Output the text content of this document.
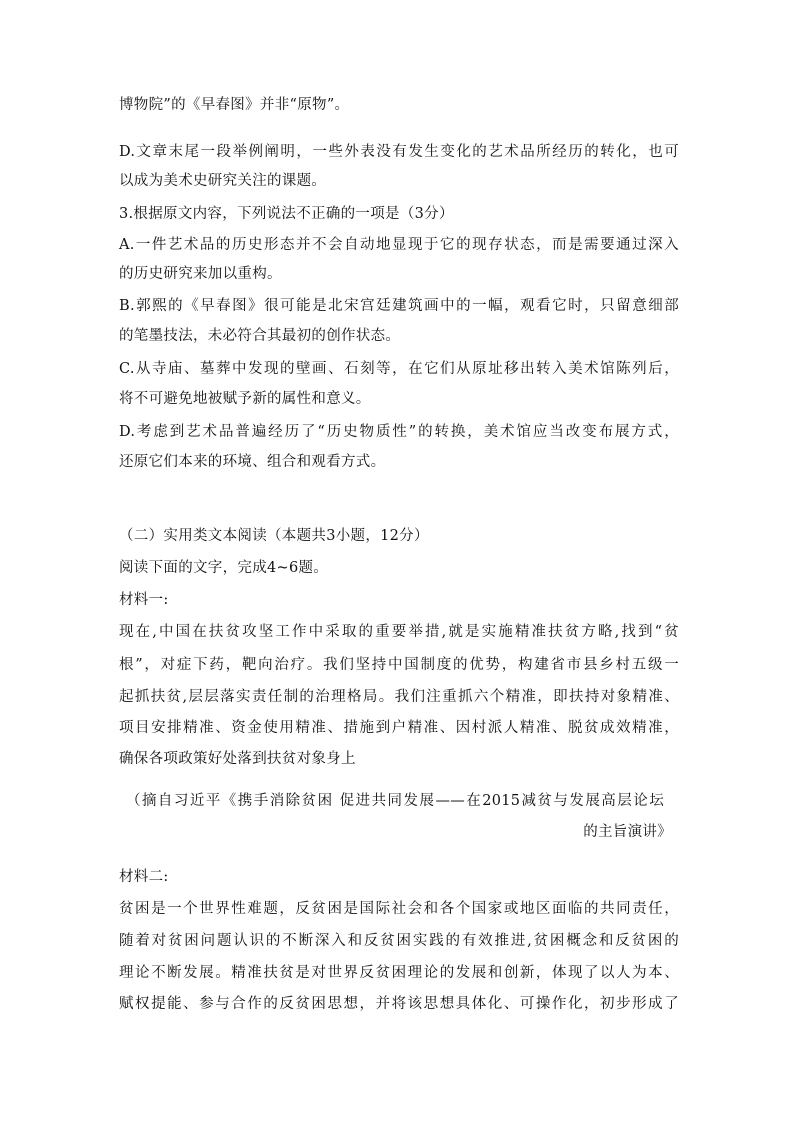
博物院”的《早春图》并非“原物”。
D.文章末尾一段举例阐明，一些外表没有发生变化的艺术品所经历的转化，也可
以成为美术史研究关注的课题。
3.根据原文内容，下列说法不正确的一项是（3分）
A.一件艺术品的历史形态并不会自动地显现于它的现存状态，而是需要通过深入
的历史研究来加以重构。
B.郭熙的《早春图》很可能是北宋宫廷建筑画中的一幅，观看它时，只留意细部
的笔墨技法，未必符合其最初的创作状态。
C.从寺庙、墓葬中发现的壁画、石刻等，在它们从原址移出转入美术馆陈列后，
将不可避免地被赋予新的属性和意义。
D.考虑到艺术品普遍经历了“历史物质性”的转换，美术馆应当改变布展方式，
还原它们本来的环境、组合和观看方式。
（二）实用类文本阅读（本题共3小题，12分）
阅读下面的文字，完成4~6题。
材料一:
现在,中国在扶贫攻坚工作中采取的重要举措,就是实施精准扶贫方略,找到“贫
根”，对症下药，靶向治疗。我们坚持中国制度的优势，构建省市县乡村五级一
起抓扶贫,层层落实责任制的治理格局。我们注重抓六个精准，即扶持对象精准、
项目安排精准、资金使用精准、措施到户精准、因村派人精准、脱贫成效精准，
确保各项政策好处落到扶贫对象身上
（摘自习近平《携手消除贫困 促进共同发展——在2015减贫与发展高层论坛
的主旨演讲》
材料二:
贫困是一个世界性难题，反贫困是国际社会和各个国家或地区面临的共同责任，
随着对贫困问题认识的不断深入和反贫困实践的有效推进,贫困概念和反贫困的
理论不断发展。精准扶贫是对世界反贫困理论的发展和创新，体现了以人为本、
赋权提能、参与合作的反贫困思想，并将该思想具体化、可操作化，初步形成了
